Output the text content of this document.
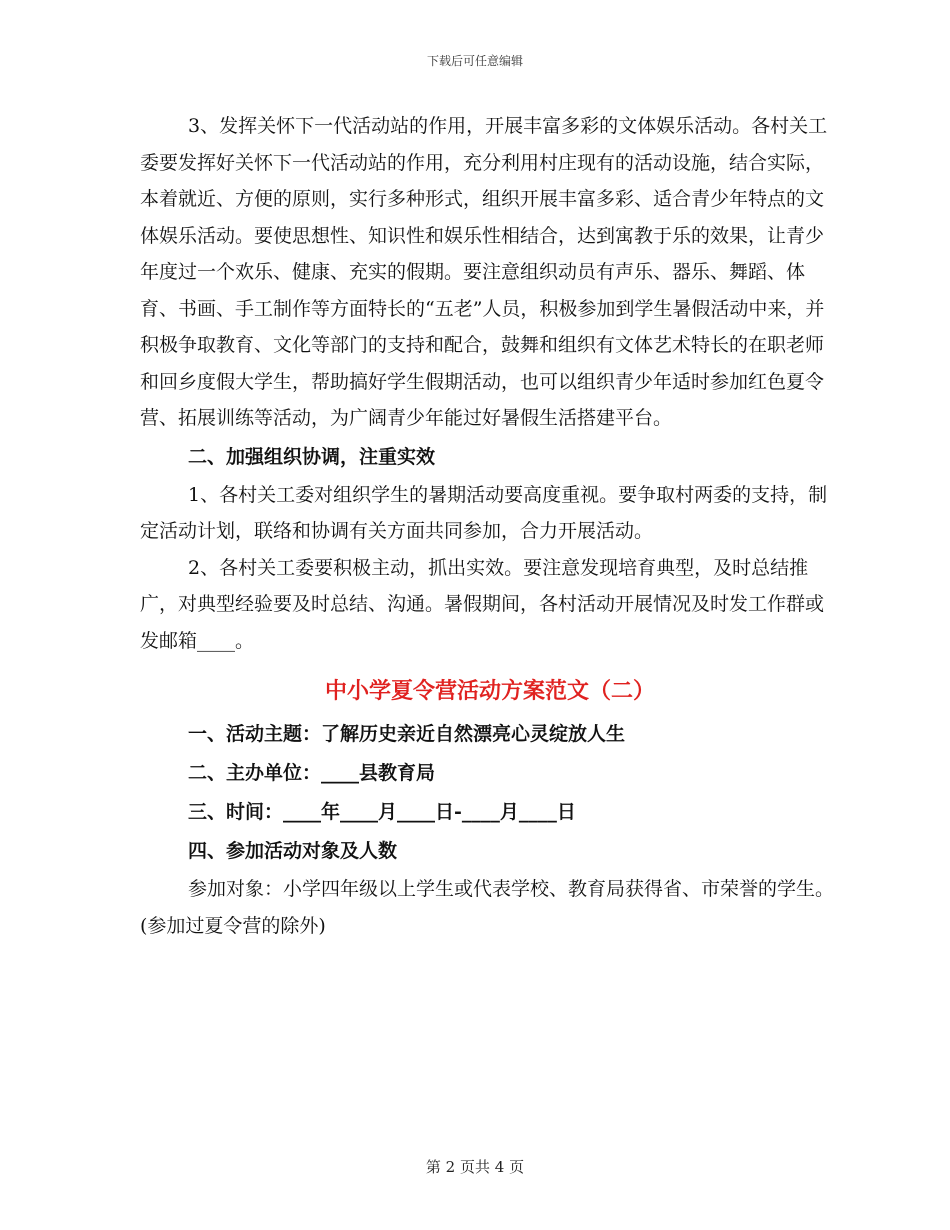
下载后可任意编辑

3、发挥关怀下一代活动站的作用，开展丰富多彩的文体娱乐活动。各村关工委要发挥好关怀下一代活动站的作用，充分利用村庄现有的活动设施，结合实际，本着就近、方便的原则，实行多种形式，组织开展丰富多彩、适合青少年特点的文体娱乐活动。要使思想性、知识性和娱乐性相结合，达到寓教于乐的效果，让青少年度过一个欢乐、健康、充实的假期。要注意组织动员有声乐、器乐、舞蹈、体育、书画、手工制作等方面特长的“五老”人员，积极参加到学生暑假活动中来，并积极争取教育、文化等部门的支持和配合，鼓舞和组织有文体艺术特长的在职老师和回乡度假大学生，帮助搞好学生假期活动，也可以组织青少年适时参加红色夏令营、拓展训练等活动，为广阔青少年能过好暑假生活搭建平台。

二、加强组织协调，注重实效

1、各村关工委对组织学生的暑期活动要高度重视。要争取村两委的支持，制定活动计划，联络和协调有关方面共同参加，合力开展活动。

2、各村关工委要积极主动，抓出实效。要注意发现培育典型，及时总结推广，对典型经验要及时总结、沟通。暑假期间，各村活动开展情况及时发工作群或发邮箱____。

中小学夏令营活动方案范文（二）

一、活动主题：了解历史亲近自然漂亮心灵绽放人生

二、主办单位：____县教育局

三、时间：____年____月____日-____月____日

四、参加活动对象及人数

参加对象：小学四年级以上学生或代表学校、教育局获得省、市荣誉的学生。(参加过夏令营的除外)

第 2 页共 4 页
